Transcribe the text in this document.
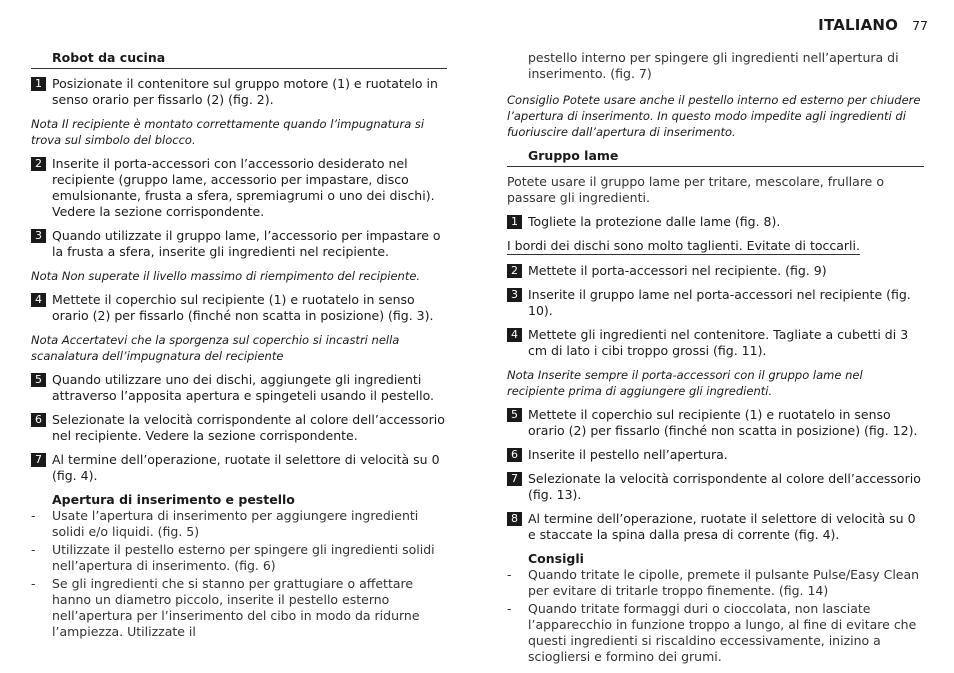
ITALIANO 77
Robot da cucina
1 Posizionate il contenitore sul gruppo motore (1) e ruotatelo in senso orario per fissarlo (2) (fig. 2).
Nota Il recipiente è montato correttamente quando l’impugnatura si trova sul simbolo del blocco.
2 Inserite il porta-accessori con l’accessorio desiderato nel recipiente (gruppo lame, accessorio per impastare, disco emulsionante, frusta a sfera, spremiagrumi o uno dei dischi). Vedere la sezione corrispondente.
3 Quando utilizzate il gruppo lame, l’accessorio per impastare o la frusta a sfera, inserite gli ingredienti nel recipiente.
Nota Non superate il livello massimo di riempimento del recipiente.
4 Mettete il coperchio sul recipiente (1) e ruotatelo in senso orario (2) per fissarlo (finché non scatta in posizione) (fig. 3).
Nota Accertatevi che la sporgenza sul coperchio si incastri nella scanalatura dell’impugnatura del recipiente
5 Quando utilizzare uno dei dischi, aggiungete gli ingredienti attraverso l’apposita apertura e spingeteli usando il pestello.
6 Selezionate la velocità corrispondente al colore dell’accessorio nel recipiente. Vedere la sezione corrispondente.
7 Al termine dell’operazione, ruotate il selettore di velocità su 0 (fig. 4).
Apertura di inserimento e pestello
-	Usate l’apertura di inserimento per aggiungere ingredienti solidi e/o liquidi. (fig. 5)
-	Utilizzate il pestello esterno per spingere gli ingredienti solidi nell’apertura di inserimento. (fig. 6)
-	Se gli ingredienti che si stanno per grattugiare o affettare hanno un diametro piccolo, inserite il pestello esterno nell’apertura per l’inserimento del cibo in modo da ridurne l’ampiezza. Utilizzate il
pestello interno per spingere gli ingredienti nell’apertura di inserimento. (fig. 7)
Consiglio Potete usare anche il pestello interno ed esterno per chiudere l’apertura di inserimento. In questo modo impedite agli ingredienti di fuoriuscire dall’apertura di inserimento.
Gruppo lame
Potete usare il gruppo lame per tritare, mescolare, frullare o passare gli ingredienti.
1 Togliete la protezione dalle lame (fig. 8).
I bordi dei dischi sono molto taglienti. Evitate di toccarli.
2 Mettete il porta-accessori nel recipiente. (fig. 9)
3 Inserite il gruppo lame nel porta-accessori nel recipiente (fig. 10).
4 Mettete gli ingredienti nel contenitore. Tagliate a cubetti di 3 cm di lato i cibi troppo grossi (fig. 11).
Nota Inserite sempre il porta-accessori con il gruppo lame nel recipiente prima di aggiungere gli ingredienti.
5 Mettete il coperchio sul recipiente (1) e ruotatelo in senso orario (2) per fissarlo (finché non scatta in posizione) (fig. 12).
6 Inserite il pestello nell’apertura.
7 Selezionate la velocità corrispondente al colore dell’accessorio (fig. 13).
8 Al termine dell’operazione, ruotate il selettore di velocità su 0 e staccate la spina dalla presa di corrente (fig. 4).
Consigli
-	Quando tritate le cipolle, premete il pulsante Pulse/Easy Clean per evitare di tritarle troppo finemente. (fig. 14)
-	Quando tritate formaggi duri o cioccolata, non lasciate l’apparecchio in funzione troppo a lungo, al fine di evitare che questi ingredienti si riscaldino eccessivamente, inizino a sciogliersi e formino dei grumi.
